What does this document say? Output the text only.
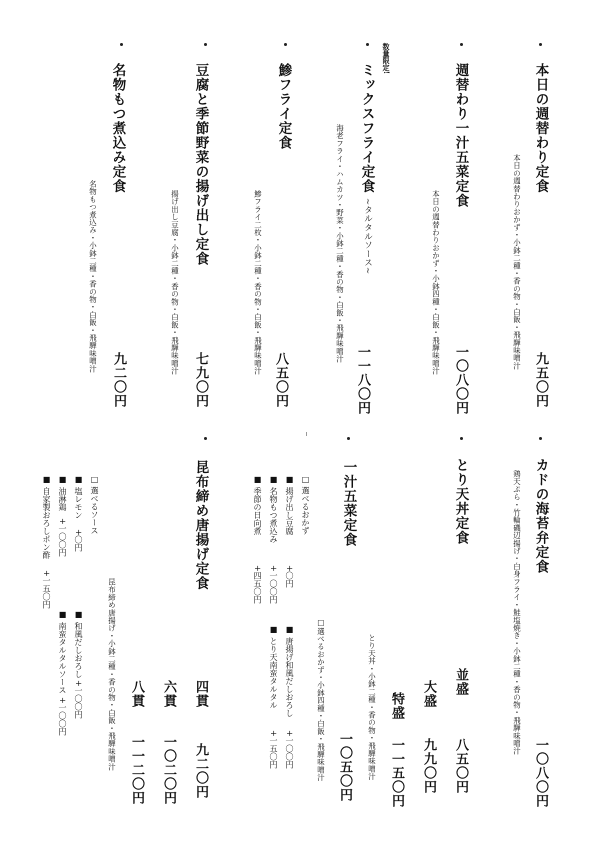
本日の週替わり定食
本日の週替わりおかず・小鉢二種・香の物・白飯・飛騨味噌汁
九五〇円
週替わり一汁五菜定食
本日の週替わりおかず・小鉢四種・白飯・飛騨味噌汁
一〇八〇円
数量限定!
ミックスフライ定食
~タルタルソース~
海老フライ・ハムカツ・野菜・小鉢二種・香の物・白飯・飛騨味噌汁
一一八〇円
鯵フライ定食
鯵フライ二枚・小鉢二種・香の物・白飯・飛騨味噌汁
八五〇円
豆腐と季節野菜の揚げ出し定食
揚げ出し豆腐・小鉢二種・香の物・白飯・飛騨味噌汁
七九〇円
名物もつ煮込み定食
名物もつ煮込み・小鉢二種・香の物・白飯・飛騨味噌汁
九二〇円
カドの海苔弁定食
鶏天ぷら・竹輪磯辺揚げ・白身フライ・鮭塩焼き・小鉢二種・香の物・飛騨味噌汁
一〇八〇円
とり天丼定食
並盛
八五〇円
大盛
九九〇円
特盛
一一五〇円
とり天丼・小鉢二種・香の物・飛騨味噌汁
一汁五菜定食
□選べるおかず・小鉢四種・白飯・飛騨味噌汁 一〇五〇円
□ 選べるおかず
■
揚げ出し豆腐
+〇円
■
名物もつ煮込み
+一〇〇円
■
季節の日向煮
+四五〇円
■
唐揚げ和風だしおろし
+一〇〇円
■
とり天南蛮タルタル
+一五〇円
昆布締め唐揚げ定食
四貫
九二〇円
六貫
一〇二〇円
八貫
一一二〇円
昆布締め唐揚げ・小鉢二種・香の物・白飯・飛騨味噌汁
□ 選べるソース
■
塩レモン
+〇円
■
和風だしおろし
+一〇〇円
■
油淋鶏
+一〇〇円
■
南蛮タルタルソース
+一〇〇円
■
自家製おろしポン酢
+一五〇円
